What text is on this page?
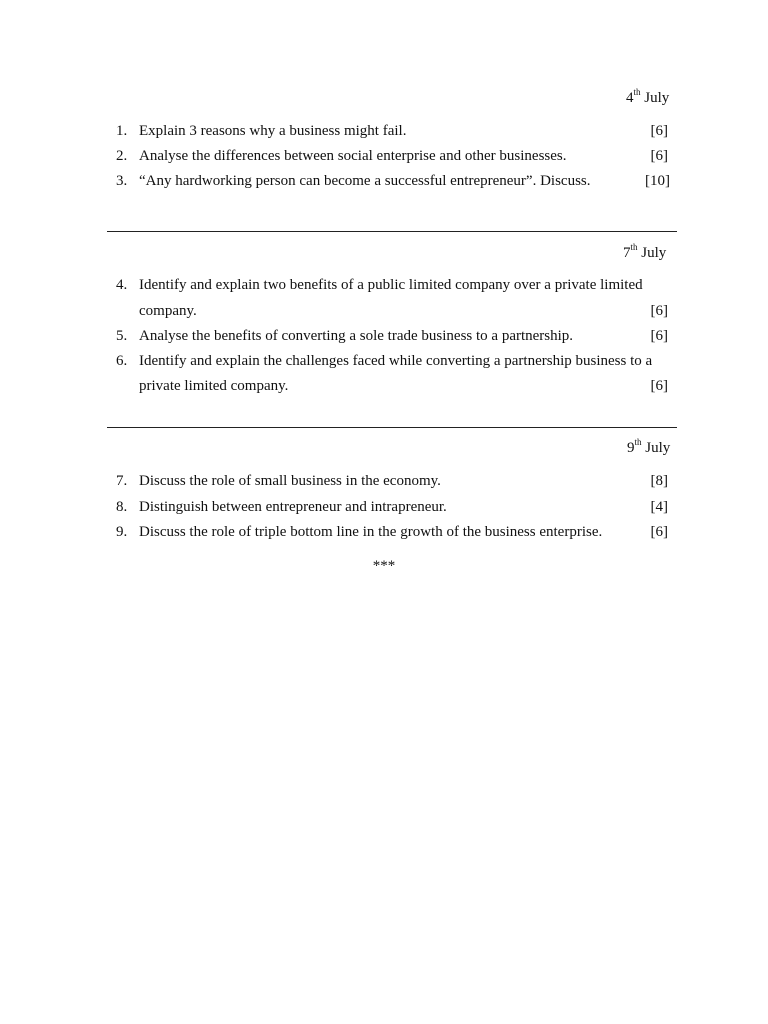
4th July
1. Explain 3 reasons why a business might fail.	[6]
2. Analyse the differences between social enterprise and other businesses.	[6]
3. “Any hardworking person can become a successful entrepreneur”. Discuss.	[10]
7th July
4. Identify and explain two benefits of a public limited company over a private limited
company.	[6]
5. Analyse the benefits of converting a sole trade business to a partnership.	[6]
6. Identify and explain the challenges faced while converting a partnership business to a
private limited company.	[6]
9th July
7. Discuss the role of small business in the economy.	[8]
8. Distinguish between entrepreneur and intrapreneur.	[4]
9. Discuss the role of triple bottom line in the growth of the business enterprise.	[6]
***
